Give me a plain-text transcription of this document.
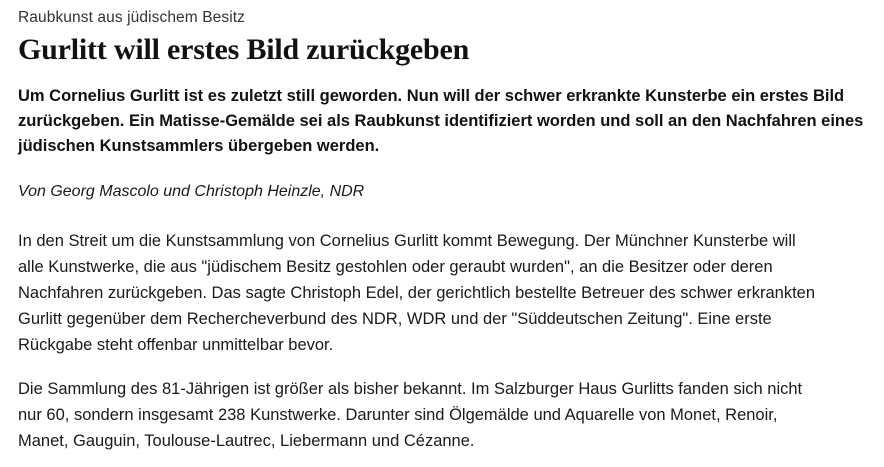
Raubkunst aus jüdischem Besitz
Gurlitt will erstes Bild zurückgeben

Um Cornelius Gurlitt ist es zuletzt still geworden. Nun will der schwer erkrankte Kunsterbe ein erstes Bild zurückgeben. Ein Matisse-Gemälde sei als Raubkunst identifiziert worden und soll an den Nachfahren eines jüdischen Kunstsammlers übergeben werden.

Von Georg Mascolo und Christoph Heinzle, NDR

In den Streit um die Kunstsammlung von Cornelius Gurlitt kommt Bewegung. Der Münchner Kunsterbe will alle Kunstwerke, die aus "jüdischem Besitz gestohlen oder geraubt wurden", an die Besitzer oder deren Nachfahren zurückgeben. Das sagte Christoph Edel, der gerichtlich bestellte Betreuer des schwer erkrankten Gurlitt gegenüber dem Rechercheverbund des NDR, WDR und der "Süddeutschen Zeitung". Eine erste Rückgabe steht offenbar unmittelbar bevor.

Die Sammlung des 81-Jährigen ist größer als bisher bekannt. Im Salzburger Haus Gurlitts fanden sich nicht nur 60, sondern insgesamt 238 Kunstwerke. Darunter sind Ölgemälde und Aquarelle von Monet, Renoir, Manet, Gauguin, Toulouse-Lautrec, Liebermann und Cézanne.
